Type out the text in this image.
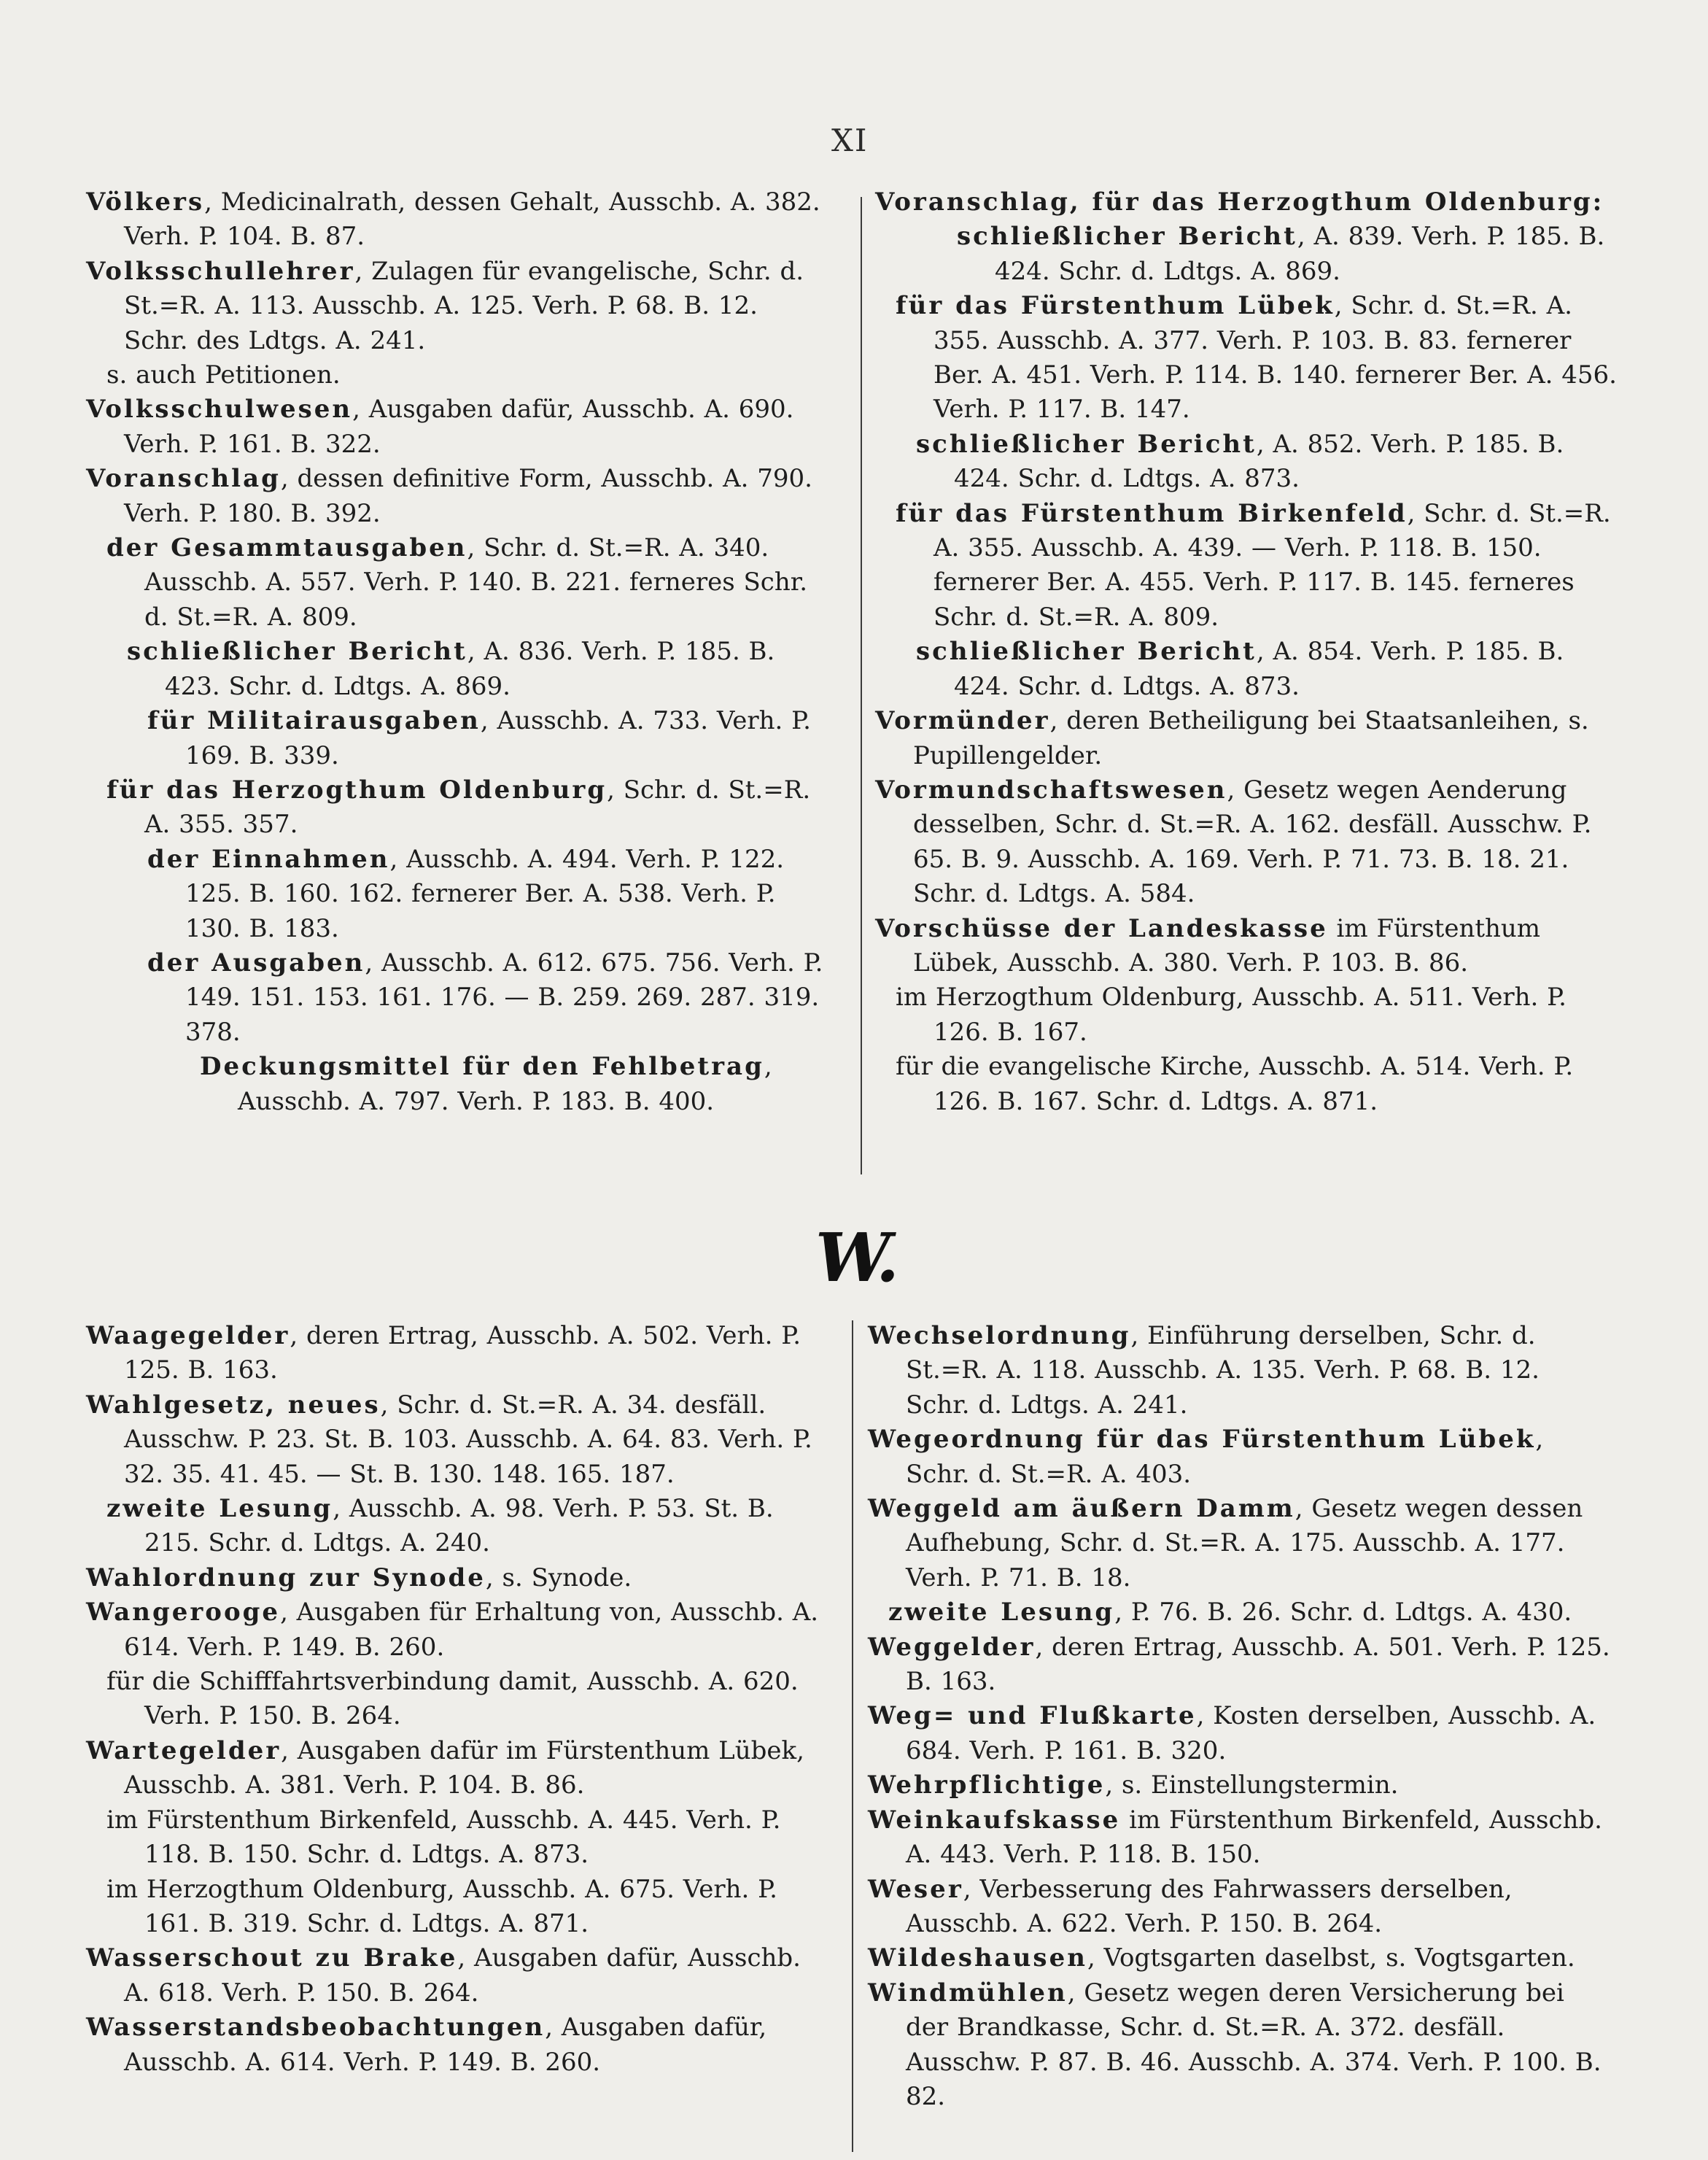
XI
Völkers, Medicinalrath, dessen Gehalt, Ausschb. A. 382. Verh. P. 104. B. 87.
Volksschullehrer, Zulagen für evangelische, Schr. d. St.=R. A. 113. Ausschb. A. 125. Verh. P. 68. B. 12. Schr. des Ldtgs. A. 241.
s. auch Petitionen.
Volksschulwesen, Ausgaben dafür, Ausschb. A. 690. Verh. P. 161. B. 322.
Voranschlag, dessen definitive Form, Ausschb. A. 790. Verh. P. 180. B. 392.
der Gesammtausgaben, Schr. d. St.=R. A. 340. Ausschb. A. 557. Verh. P. 140. B. 221. ferneres Schr. d. St.=R. A. 809.
schließlicher Bericht, A. 836. Verh. P. 185. B. 423. Schr. d. Ldtgs. A. 869.
für Militairausgaben, Ausschb. A. 733. Verh. P. 169. B. 339.
für das Herzogthum Oldenburg, Schr. d. St.=R. A. 355. 357.
der Einnahmen, Ausschb. A. 494. Verh. P. 122. 125. B. 160. 162. fernerer Ber. A. 538. Verh. P. 130. B. 183.
der Ausgaben, Ausschb. A. 612. 675. 756. Verh. P. 149. 151. 153. 161. 176. — B. 259. 269. 287. 319. 378.
Deckungsmittel für den Fehlbetrag, Ausschb. A. 797. Verh. P. 183. B. 400.
Voranschlag, für das Herzogthum Oldenburg:
schließlicher Bericht, A. 839. Verh. P. 185. B. 424. Schr. d. Ldtgs. A. 869.
für das Fürstenthum Lübek, Schr. d. St.=R. A. 355. Ausschb. A. 377. Verh. P. 103. B. 83. fernerer Ber. A. 451. Verh. P. 114. B. 140. fernerer Ber. A. 456. Verh. P. 117. B. 147.
schließlicher Bericht, A. 852. Verh. P. 185. B. 424. Schr. d. Ldtgs. A. 873.
für das Fürstenthum Birkenfeld, Schr. d. St.=R. A. 355. Ausschb. A. 439. — Verh. P. 118. B. 150. fernerer Ber. A. 455. Verh. P. 117. B. 145. ferneres Schr. d. St.=R. A. 809.
schließlicher Bericht, A. 854. Verh. P. 185. B. 424. Schr. d. Ldtgs. A. 873.
Vormünder, deren Betheiligung bei Staatsanleihen, s. Pupillengelder.
Vormundschaftswesen, Gesetz wegen Aenderung desselben, Schr. d. St.=R. A. 162. desfäll. Ausschw. P. 65. B. 9. Ausschb. A. 169. Verh. P. 71. 73. B. 18. 21. Schr. d. Ldtgs. A. 584.
Vorschüsse der Landeskasse im Fürstenthum Lübek, Ausschb. A. 380. Verh. P. 103. B. 86.
im Herzogthum Oldenburg, Ausschb. A. 511. Verh. P. 126. B. 167.
für die evangelische Kirche, Ausschb. A. 514. Verh. P. 126. B. 167. Schr. d. Ldtgs. A. 871.
W.
Waagegelder, deren Ertrag, Ausschb. A. 502. Verh. P. 125. B. 163.
Wahlgesetz, neues, Schr. d. St.=R. A. 34. desfäll. Ausschw. P. 23. St. B. 103. Ausschb. A. 64. 83. Verh. P. 32. 35. 41. 45. — St. B. 130. 148. 165. 187.
zweite Lesung, Ausschb. A. 98. Verh. P. 53. St. B. 215. Schr. d. Ldtgs. A. 240.
Wahlordnung zur Synode, s. Synode.
Wangerooge, Ausgaben für Erhaltung von, Ausschb. A. 614. Verh. P. 149. B. 260.
für die Schifffahrtsverbindung damit, Ausschb. A. 620. Verh. P. 150. B. 264.
Wartegelder, Ausgaben dafür im Fürstenthum Lübek, Ausschb. A. 381. Verh. P. 104. B. 86.
im Fürstenthum Birkenfeld, Ausschb. A. 445. Verh. P. 118. B. 150. Schr. d. Ldtgs. A. 873.
im Herzogthum Oldenburg, Ausschb. A. 675. Verh. P. 161. B. 319. Schr. d. Ldtgs. A. 871.
Wasserschout zu Brake, Ausgaben dafür, Ausschb. A. 618. Verh. P. 150. B. 264.
Wasserstandsbeobachtungen, Ausgaben dafür, Ausschb. A. 614. Verh. P. 149. B. 260.
Wechselordnung, Einführung derselben, Schr. d. St.=R. A. 118. Ausschb. A. 135. Verh. P. 68. B. 12. Schr. d. Ldtgs. A. 241.
Wegeordnung für das Fürstenthum Lübek, Schr. d. St.=R. A. 403.
Weggeld am äußern Damm, Gesetz wegen dessen Aufhebung, Schr. d. St.=R. A. 175. Ausschb. A. 177. Verh. P. 71. B. 18.
zweite Lesung, P. 76. B. 26. Schr. d. Ldtgs. A. 430.
Weggelder, deren Ertrag, Ausschb. A. 501. Verh. P. 125. B. 163.
Weg= und Flußkarte, Kosten derselben, Ausschb. A. 684. Verh. P. 161. B. 320.
Wehrpflichtige, s. Einstellungstermin.
Weinkaufskasse im Fürstenthum Birkenfeld, Ausschb. A. 443. Verh. P. 118. B. 150.
Weser, Verbesserung des Fahrwassers derselben, Ausschb. A. 622. Verh. P. 150. B. 264.
Wildeshausen, Vogtsgarten daselbst, s. Vogtsgarten.
Windmühlen, Gesetz wegen deren Versicherung bei der Brandkasse, Schr. d. St.=R. A. 372. desfäll. Ausschw. P. 87. B. 46. Ausschb. A. 374. Verh. P. 100. B. 82.
